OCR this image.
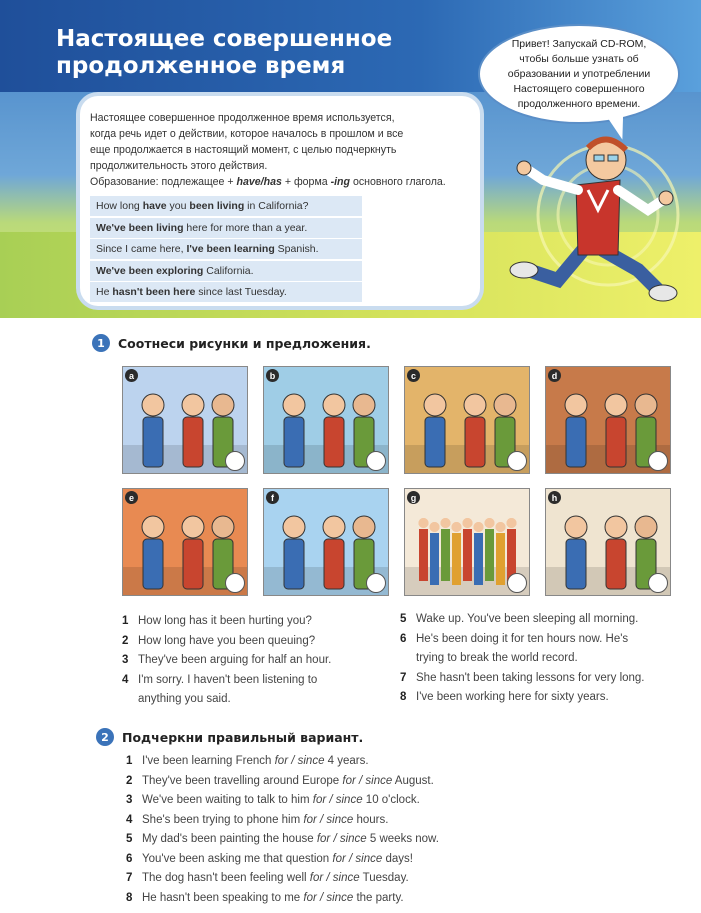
Настоящее совершенное
продолженное время
Привет! Запускай CD-ROM, чтобы больше узнать об образовании и употреблении Настоящего совершенного продолженного времени.
Настоящее совершенное продолженное время используется,
когда речь идет о действии, которое началось в прошлом и все
еще продолжается в настоящий момент, с целью подчеркнуть
продолжительность этого действия.
Образование: подлежащее + have/has + форма -ing основного глагола.
How long have you been living in California?
We've been living here for more than a year.
Since I came here, I've been learning Spanish.
We've been exploring California.
He hasn't been here since last Tuesday.
1	Соотнеси рисунки и предложения.
a	b	c	d
e	f	g	h
1 How long has it been hurting you?
2 How long have you been queuing?
3 They've been arguing for half an hour.
4 I'm sorry. I haven't been listening to
anything you said.
5 Wake up. You've been sleeping all morning.
6 He's been doing it for ten hours now. He's
trying to break the world record.
7 She hasn't been taking lessons for very long.
8 I've been working here for sixty years.
2	Подчеркни правильный вариант.
1 I've been learning French for / since 4 years.
2 They've been travelling around Europe for / since August.
3 We've been waiting to talk to him for / since 10 o'clock.
4 She's been trying to phone him for / since hours.
5 My dad's been painting the house for / since 5 weeks now.
6 You've been asking me that question for / since days!
7 The dog hasn't been feeling well for / since Tuesday.
8 He hasn't been speaking to me for / since the party.
